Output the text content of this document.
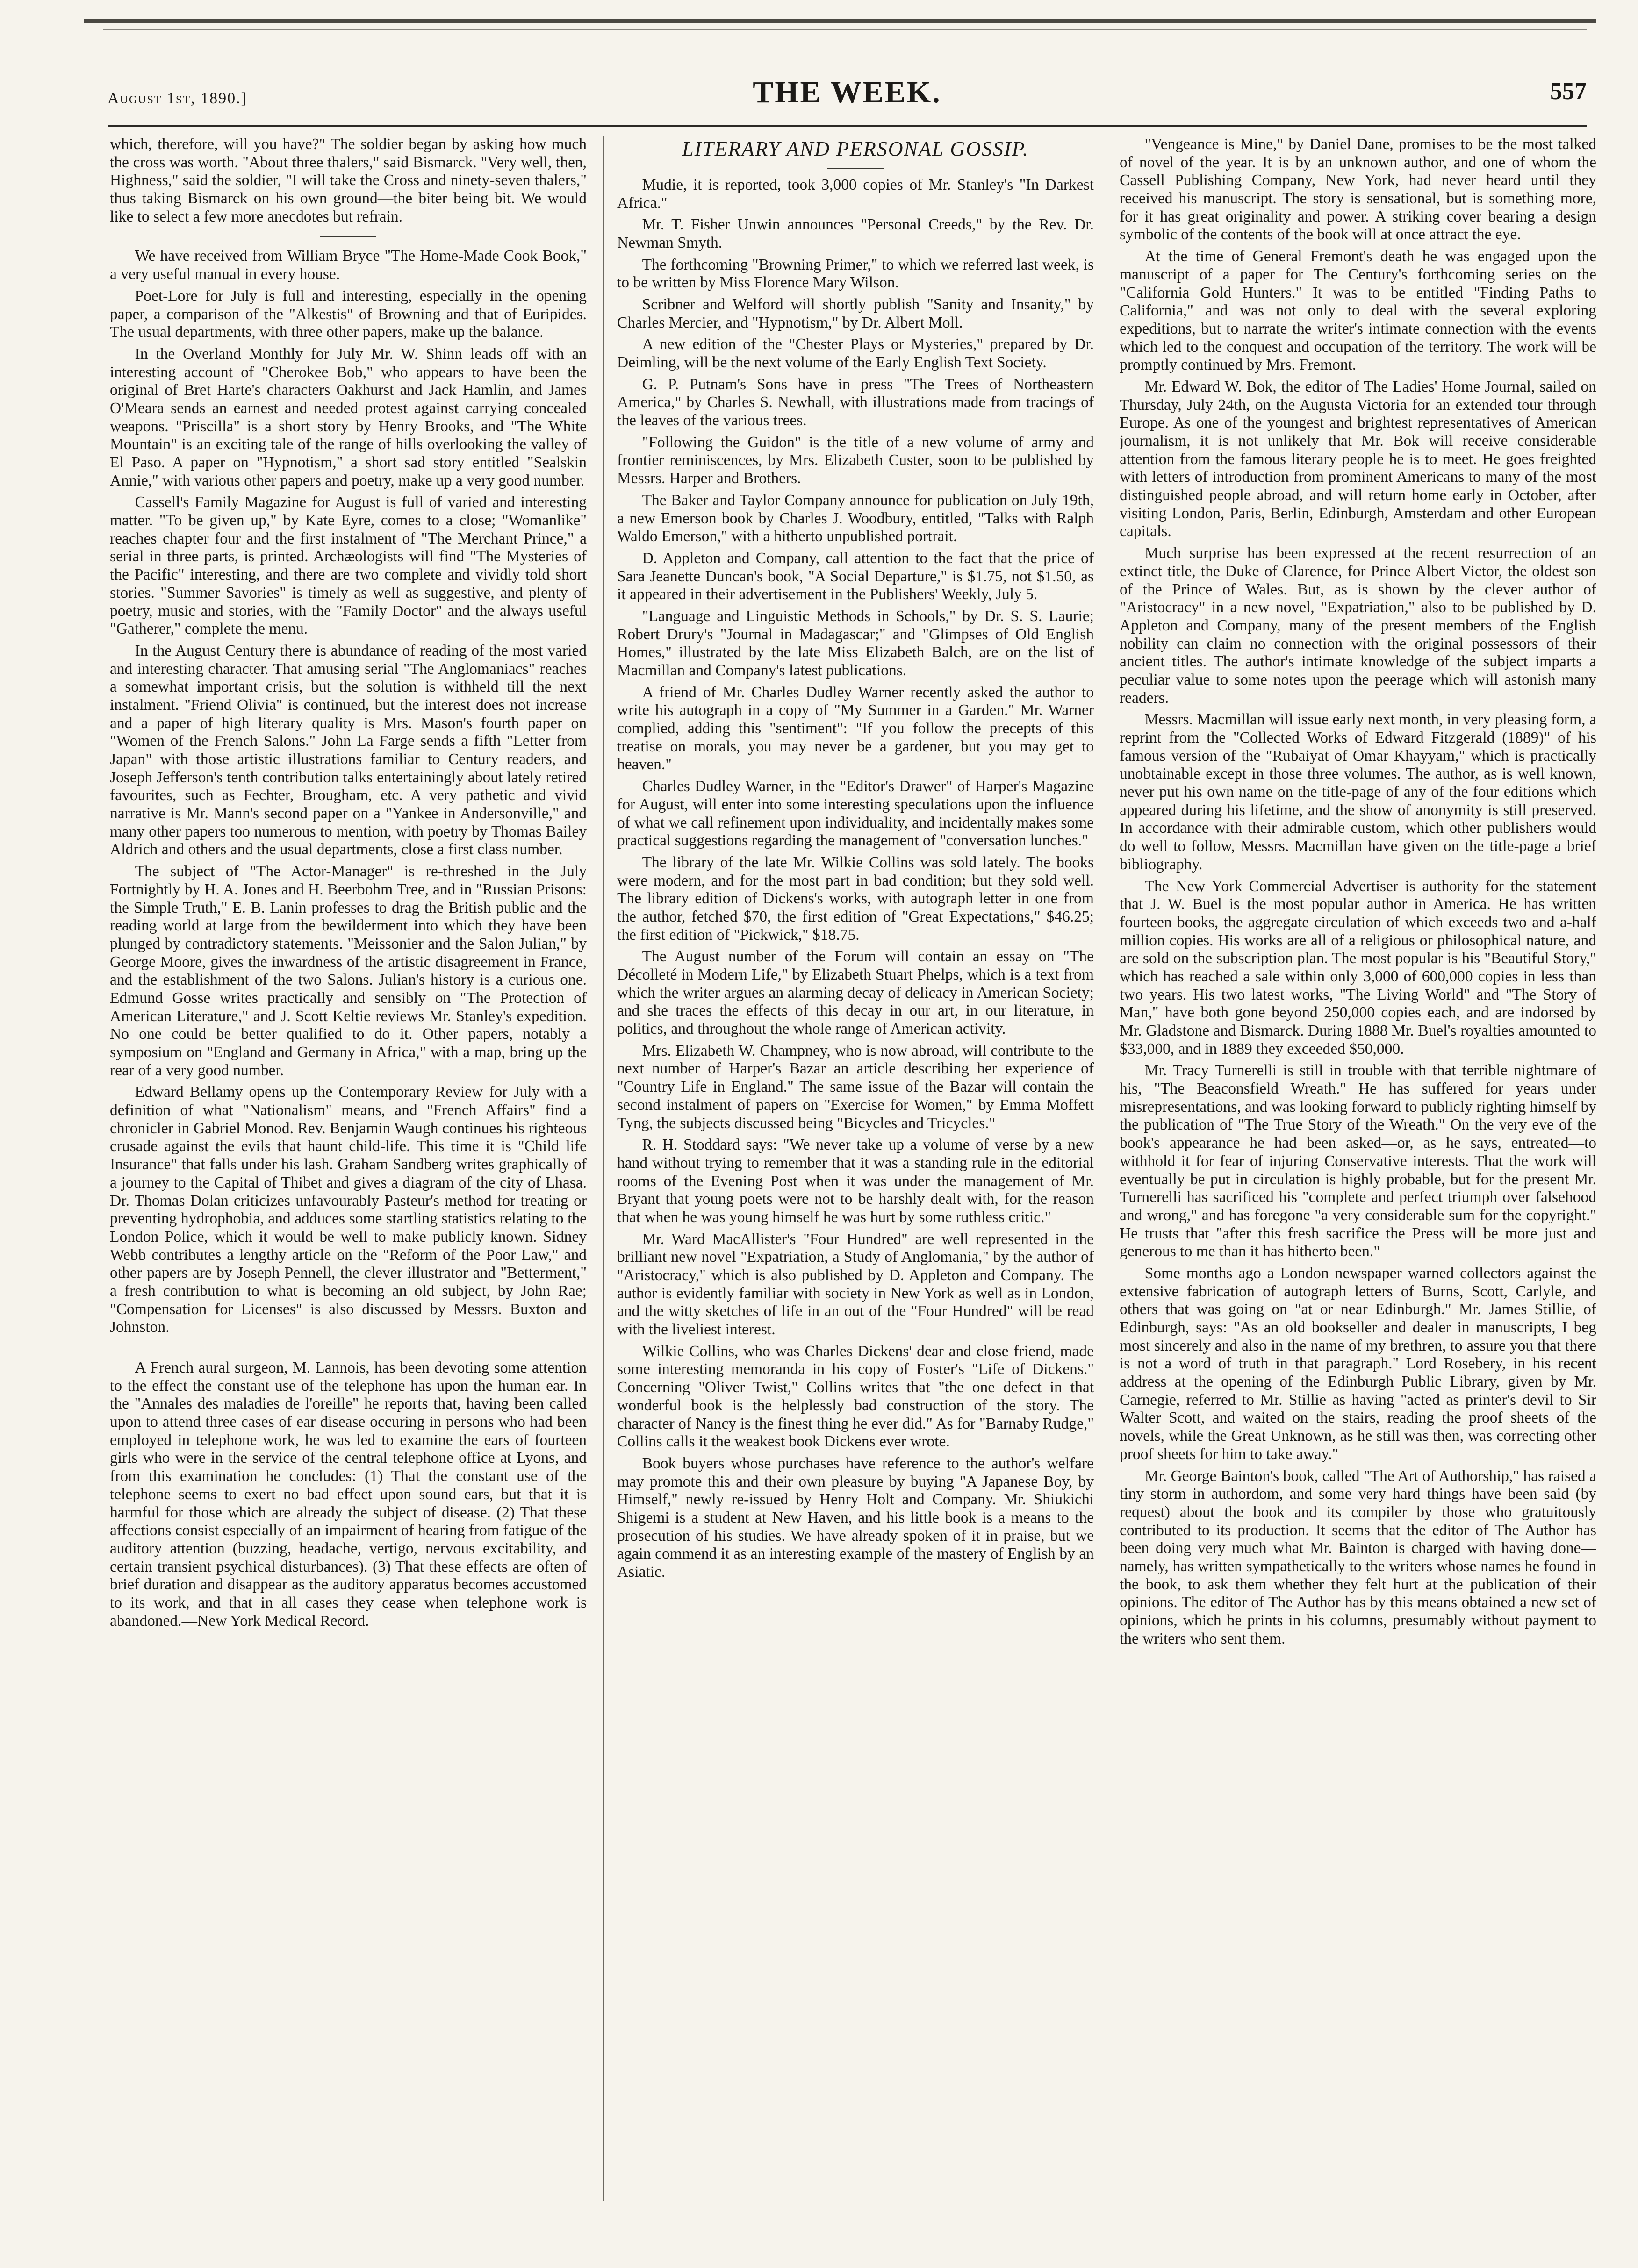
August 1st, 1890.]	THE WEEK.	557

which, therefore, will you have?" The soldier began by asking how much the cross was worth. "About three thalers," said Bismarck. "Very well, then, Highness," said the soldier, "I will take the Cross and ninety-seven thalers," thus taking Bismarck on his own ground—the biter being bit. We would like to select a few more anecdotes but refrain.

We have received from William Bryce "The Home-Made Cook Book," a very useful manual in every house.

Poet-Lore for July is full and interesting, especially in the opening paper, a comparison of the "Alkestis" of Browning and that of Euripides. The usual departments, with three other papers, make up the balance.

In the Overland Monthly for July Mr. W. Shinn leads off with an interesting account of "Cherokee Bob," who appears to have been the original of Bret Harte's characters Oakhurst and Jack Hamlin, and James O'Meara sends an earnest and needed protest against carrying concealed weapons. "Priscilla" is a short story by Henry Brooks, and "The White Mountain" is an exciting tale of the range of hills overlooking the valley of El Paso. A paper on "Hypnotism," a short sad story entitled "Sealskin Annie," with various other papers and poetry, make up a very good number.

Cassell's Family Magazine for August is full of varied and interesting matter. "To be given up," by Kate Eyre, comes to a close; "Womanlike" reaches chapter four and the first instalment of "The Merchant Prince," a serial in three parts, is printed. Archæologists will find "The Mysteries of the Pacific" interesting, and there are two complete and vividly told short stories. "Summer Savories" is timely as well as suggestive, and plenty of poetry, music and stories, with the "Family Doctor" and the always useful "Gatherer," complete the menu.

In the August Century there is abundance of reading of the most varied and interesting character. That amusing serial "The Anglomaniacs" reaches a somewhat important crisis, but the solution is withheld till the next instalment. "Friend Olivia" is continued, but the interest does not increase and a paper of high literary quality is Mrs. Mason's fourth paper on "Women of the French Salons." John La Farge sends a fifth "Letter from Japan" with those artistic illustrations familiar to Century readers, and Joseph Jefferson's tenth contribution talks entertainingly about lately retired favourites, such as Fechter, Brougham, etc. A very pathetic and vivid narrative is Mr. Mann's second paper on a "Yankee in Andersonville," and many other papers too numerous to mention, with poetry by Thomas Bailey Aldrich and others and the usual departments, close a first class number.

The subject of "The Actor-Manager" is re-threshed in the July Fortnightly by H. A. Jones and H. Beerbohm Tree, and in "Russian Prisons: the Simple Truth," E. B. Lanin professes to drag the British public and the reading world at large from the bewilderment into which they have been plunged by contradictory statements. "Meissonier and the Salon Julian," by George Moore, gives the inwardness of the artistic disagreement in France, and the establishment of the two Salons. Julian's history is a curious one. Edmund Gosse writes practically and sensibly on "The Protection of American Literature," and J. Scott Keltie reviews Mr. Stanley's expedition. No one could be better qualified to do it. Other papers, notably a symposium on "England and Germany in Africa," with a map, bring up the rear of a very good number.

Edward Bellamy opens up the Contemporary Review for July with a definition of what "Nationalism" means, and "French Affairs" find a chronicler in Gabriel Monod. Rev. Benjamin Waugh continues his righteous crusade against the evils that haunt child-life. This time it is "Child life Insurance" that falls under his lash. Graham Sandberg writes graphically of a journey to the Capital of Thibet and gives a diagram of the city of Lhasa. Dr. Thomas Dolan criticizes unfavourably Pasteur's method for treating or preventing hydrophobia, and adduces some startling statistics relating to the London Police, which it would be well to make publicly known. Sidney Webb contributes a lengthy article on the "Reform of the Poor Law," and other papers are by Joseph Pennell, the clever illustrator and "Betterment," a fresh contribution to what is becoming an old subject, by John Rae; "Compensation for Licenses" is also discussed by Messrs. Buxton and Johnston.

A French aural surgeon, M. Lannois, has been devoting some attention to the effect the constant use of the telephone has upon the human ear. In the "Annales des maladies de l'oreille" he reports that, having been called upon to attend three cases of ear disease occuring in persons who had been employed in telephone work, he was led to examine the ears of fourteen girls who were in the service of the central telephone office at Lyons, and from this examination he concludes: (1) That the constant use of the telephone seems to exert no bad effect upon sound ears, but that it is harmful for those which are already the subject of disease. (2) That these affections consist especially of an impairment of hearing from fatigue of the auditory attention (buzzing, headache, vertigo, nervous excitability, and certain transient psychical disturbances). (3) That these effects are often of brief duration and disappear as the auditory apparatus becomes accustomed to its work, and that in all cases they cease when telephone work is abandoned.—New York Medical Record.

LITERARY AND PERSONAL GOSSIP.

Mudie, it is reported, took 3,000 copies of Mr. Stanley's "In Darkest Africa."

Mr. T. Fisher Unwin announces "Personal Creeds," by the Rev. Dr. Newman Smyth.

The forthcoming "Browning Primer," to which we referred last week, is to be written by Miss Florence Mary Wilson.

Scribner and Welford will shortly publish "Sanity and Insanity," by Charles Mercier, and "Hypnotism," by Dr. Albert Moll.

A new edition of the "Chester Plays or Mysteries," prepared by Dr. Deimling, will be the next volume of the Early English Text Society.

G. P. Putnam's Sons have in press "The Trees of Northeastern America," by Charles S. Newhall, with illustrations made from tracings of the leaves of the various trees.

"Following the Guidon" is the title of a new volume of army and frontier reminiscences, by Mrs. Elizabeth Custer, soon to be published by Messrs. Harper and Brothers.

The Baker and Taylor Company announce for publication on July 19th, a new Emerson book by Charles J. Woodbury, entitled, "Talks with Ralph Waldo Emerson," with a hitherto unpublished portrait.

D. Appleton and Company, call attention to the fact that the price of Sara Jeanette Duncan's book, "A Social Departure," is $1.75, not $1.50, as it appeared in their advertisement in the Publishers' Weekly, July 5.

"Language and Linguistic Methods in Schools," by Dr. S. S. Laurie; Robert Drury's "Journal in Madagascar;" and "Glimpses of Old English Homes," illustrated by the late Miss Elizabeth Balch, are on the list of Macmillan and Company's latest publications.

A friend of Mr. Charles Dudley Warner recently asked the author to write his autograph in a copy of "My Summer in a Garden." Mr. Warner complied, adding this "sentiment": "If you follow the precepts of this treatise on morals, you may never be a gardener, but you may get to heaven."

Charles Dudley Warner, in the "Editor's Drawer" of Harper's Magazine for August, will enter into some interesting speculations upon the influence of what we call refinement upon individuality, and incidentally makes some practical suggestions regarding the management of "conversation lunches."

The library of the late Mr. Wilkie Collins was sold lately. The books were modern, and for the most part in bad condition; but they sold well. The library edition of Dickens's works, with autograph letter in one from the author, fetched $70, the first edition of "Great Expectations," $46.25; the first edition of "Pickwick," $18.75.

The August number of the Forum will contain an essay on "The Décolleté in Modern Life," by Elizabeth Stuart Phelps, which is a text from which the writer argues an alarming decay of delicacy in American Society; and she traces the effects of this decay in our art, in our literature, in politics, and throughout the whole range of American activity.

Mrs. Elizabeth W. Champney, who is now abroad, will contribute to the next number of Harper's Bazar an article describing her experience of "Country Life in England." The same issue of the Bazar will contain the second instalment of papers on "Exercise for Women," by Emma Moffett Tyng, the subjects discussed being "Bicycles and Tricycles."

R. H. Stoddard says: "We never take up a volume of verse by a new hand without trying to remember that it was a standing rule in the editorial rooms of the Evening Post when it was under the management of Mr. Bryant that young poets were not to be harshly dealt with, for the reason that when he was young himself he was hurt by some ruthless critic."

Mr. Ward MacAllister's "Four Hundred" are well represented in the brilliant new novel "Expatriation, a Study of Anglomania," by the author of "Aristocracy," which is also published by D. Appleton and Company. The author is evidently familiar with society in New York as well as in London, and the witty sketches of life in an out of the "Four Hundred" will be read with the liveliest interest.

Wilkie Collins, who was Charles Dickens' dear and close friend, made some interesting memoranda in his copy of Foster's "Life of Dickens." Concerning "Oliver Twist," Collins writes that "the one defect in that wonderful book is the helplessly bad construction of the story. The character of Nancy is the finest thing he ever did." As for "Barnaby Rudge," Collins calls it the weakest book Dickens ever wrote.

Book buyers whose purchases have reference to the author's welfare may promote this and their own pleasure by buying "A Japanese Boy, by Himself," newly re-issued by Henry Holt and Company. Mr. Shiukichi Shigemi is a student at New Haven, and his little book is a means to the prosecution of his studies. We have already spoken of it in praise, but we again commend it as an interesting example of the mastery of English by an Asiatic.

"Vengeance is Mine," by Daniel Dane, promises to be the most talked of novel of the year. It is by an unknown author, and one of whom the Cassell Publishing Company, New York, had never heard until they received his manuscript. The story is sensational, but is something more, for it has great originality and power. A striking cover bearing a design symbolic of the contents of the book will at once attract the eye.

At the time of General Fremont's death he was engaged upon the manuscript of a paper for The Century's forthcoming series on the "California Gold Hunters." It was to be entitled "Finding Paths to California," and was not only to deal with the several exploring expeditions, but to narrate the writer's intimate connection with the events which led to the conquest and occupation of the territory. The work will be promptly continued by Mrs. Fremont.

Mr. Edward W. Bok, the editor of The Ladies' Home Journal, sailed on Thursday, July 24th, on the Augusta Victoria for an extended tour through Europe. As one of the youngest and brightest representatives of American journalism, it is not unlikely that Mr. Bok will receive considerable attention from the famous literary people he is to meet. He goes freighted with letters of introduction from prominent Americans to many of the most distinguished people abroad, and will return home early in October, after visiting London, Paris, Berlin, Edinburgh, Amsterdam and other European capitals.

Much surprise has been expressed at the recent resurrection of an extinct title, the Duke of Clarence, for Prince Albert Victor, the oldest son of the Prince of Wales. But, as is shown by the clever author of "Aristocracy" in a new novel, "Expatriation," also to be published by D. Appleton and Company, many of the present members of the English nobility can claim no connection with the original possessors of their ancient titles. The author's intimate knowledge of the subject imparts a peculiar value to some notes upon the peerage which will astonish many readers.

Messrs. Macmillan will issue early next month, in very pleasing form, a reprint from the "Collected Works of Edward Fitzgerald (1889)" of his famous version of the "Rubaiyat of Omar Khayyam," which is practically unobtainable except in those three volumes. The author, as is well known, never put his own name on the title-page of any of the four editions which appeared during his lifetime, and the show of anonymity is still preserved. In accordance with their admirable custom, which other publishers would do well to follow, Messrs. Macmillan have given on the title-page a brief bibliography.

The New York Commercial Advertiser is authority for the statement that J. W. Buel is the most popular author in America. He has written fourteen books, the aggregate circulation of which exceeds two and a-half million copies. His works are all of a religious or philosophical nature, and are sold on the subscription plan. The most popular is his "Beautiful Story," which has reached a sale within only 3,000 of 600,000 copies in less than two years. His two latest works, "The Living World" and "The Story of Man," have both gone beyond 250,000 copies each, and are indorsed by Mr. Gladstone and Bismarck. During 1888 Mr. Buel's royalties amounted to $33,000, and in 1889 they exceeded $50,000.

Mr. Tracy Turnerelli is still in trouble with that terrible nightmare of his, "The Beaconsfield Wreath." He has suffered for years under misrepresentations, and was looking forward to publicly righting himself by the publication of "The True Story of the Wreath." On the very eve of the book's appearance he had been asked—or, as he says, entreated—to withhold it for fear of injuring Conservative interests. That the work will eventually be put in circulation is highly probable, but for the present Mr. Turnerelli has sacrificed his "complete and perfect triumph over falsehood and wrong," and has foregone "a very considerable sum for the copyright." He trusts that "after this fresh sacrifice the Press will be more just and generous to me than it has hitherto been."

Some months ago a London newspaper warned collectors against the extensive fabrication of autograph letters of Burns, Scott, Carlyle, and others that was going on "at or near Edinburgh." Mr. James Stillie, of Edinburgh, says: "As an old bookseller and dealer in manuscripts, I beg most sincerely and also in the name of my brethren, to assure you that there is not a word of truth in that paragraph." Lord Rosebery, in his recent address at the opening of the Edinburgh Public Library, given by Mr. Carnegie, referred to Mr. Stillie as having "acted as printer's devil to Sir Walter Scott, and waited on the stairs, reading the proof sheets of the novels, while the Great Unknown, as he still was then, was correcting other proof sheets for him to take away."

Mr. George Bainton's book, called "The Art of Authorship," has raised a tiny storm in authordom, and some very hard things have been said (by request) about the book and its compiler by those who gratuitously contributed to its production. It seems that the editor of The Author has been doing very much what Mr. Bainton is charged with having done—namely, has written sympathetically to the writers whose names he found in the book, to ask them whether they felt hurt at the publication of their opinions. The editor of The Author has by this means obtained a new set of opinions, which he prints in his columns, presumably without payment to the writers who sent them.
